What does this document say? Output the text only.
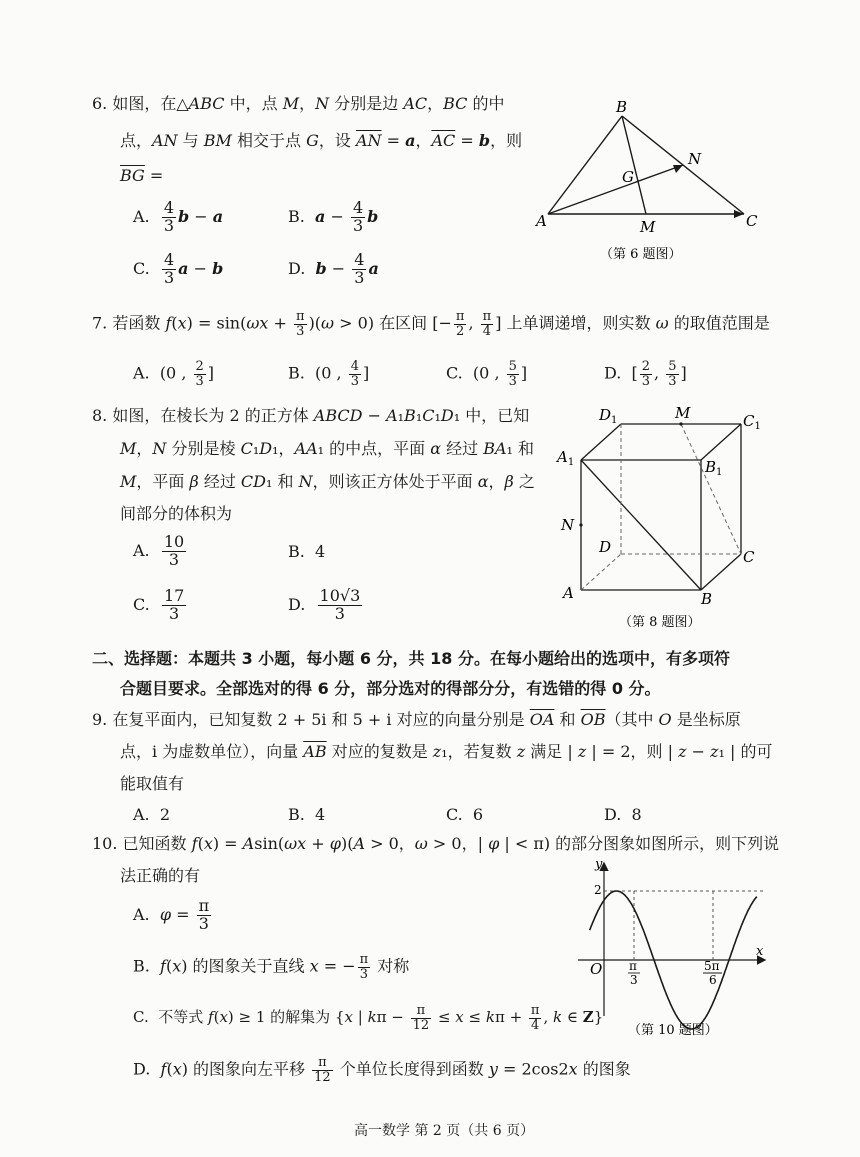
6. 如图，在△ABC 中，点 M，N 分别是边 AC，BC 的中
点，AN 与 BM 相交于点 G，设 $\overline{AN} = a$，$\overline{AC} = b$，则
$\overline{BG}$ =
A. $\frac{4}{3}$ b − a	B.  $a - \frac{4}{3}$ b
C. $\frac{4}{3}$ a − b	D.  $b - \frac{4}{3}$ a
B
N
G
A	M	C
（第 6 题图）
7. 若函数 $f(x) = \sin(\omega x + \frac{\pi}{3} )(\omega > 0)$ 在区间 [− $\frac{\pi}{2}$ , $\frac{\pi}{4}$ ] 上单调递增，则实数 ω 的取值范围是
A.  (0 , $\frac{2}{3}$ ]	B.  (0 , $\frac{4}{3}$ ]	C.  (0 , $\frac{5}{3}$ ]	D.  [ $\frac{2}{3}$ , $\frac{5}{3}$ ]
8. 如图，在棱长为 2 的正方体 ABCD − A₁B₁C₁D₁ 中，已知
M，N 分别是棱 C₁D₁，AA₁ 的中点，平面 α 经过 BA₁ 和
M，平面 β 经过 CD₁ 和 N，则该正方体处于平面 α，β 之
间部分的体积为
A. $\frac{10}{3}$	B.  4
C. $\frac{17}{3}$	D. $\frac{10√3}{3}$
$D_1$	M	$C_1$
$A_1$	$B_1$
N
D
C
A	B
（第 8 题图）
二、选择题：本题共 3 小题，每小题 6 分，共 18 分。在每小题给出的选项中，有多项符
合题目要求。全部选对的得 6 分，部分选对的得部分分，有选错的得 0 分。
9. 在复平面内，已知复数 2 + 5i 和 5 + i 对应的向量分别是 $\overline{OA}$ 和 $\overline{OB}$（其中 O 是坐标原
点，i 为虚数单位），向量 $\overline{AB}$ 对应的复数是 z₁，若复数 z 满足 | z | = 2，则 | z − z₁ | 的可
能取值有
A.  2	B.  4	C.  6	D.  8
10. 已知函数 f(x) = Asin(ωx + φ)(A > 0，ω > 0，| φ | < π) 的部分图象如图所示，则下列说
法正确的有
A.  $\varphi = \frac{\pi}{3}$
B.  f(x) 的图象关于直线 x = − $\frac{\pi}{3}$ 对称
C.  不等式 f(x) ≥ 1 的解集为 {x | $k\pi - \frac{\pi}{12} \le x \le k\pi + \frac{\pi}{4}$ , k ∈ Z}
D.  f(x) 的图象向左平移 $\frac{\pi}{12}$ 个单位长度得到函数 y = 2cos2x 的图象
y
x
O
2
π
3
5π
6
（第 10 题图）
高一数学 第 2 页（共 6 页）
